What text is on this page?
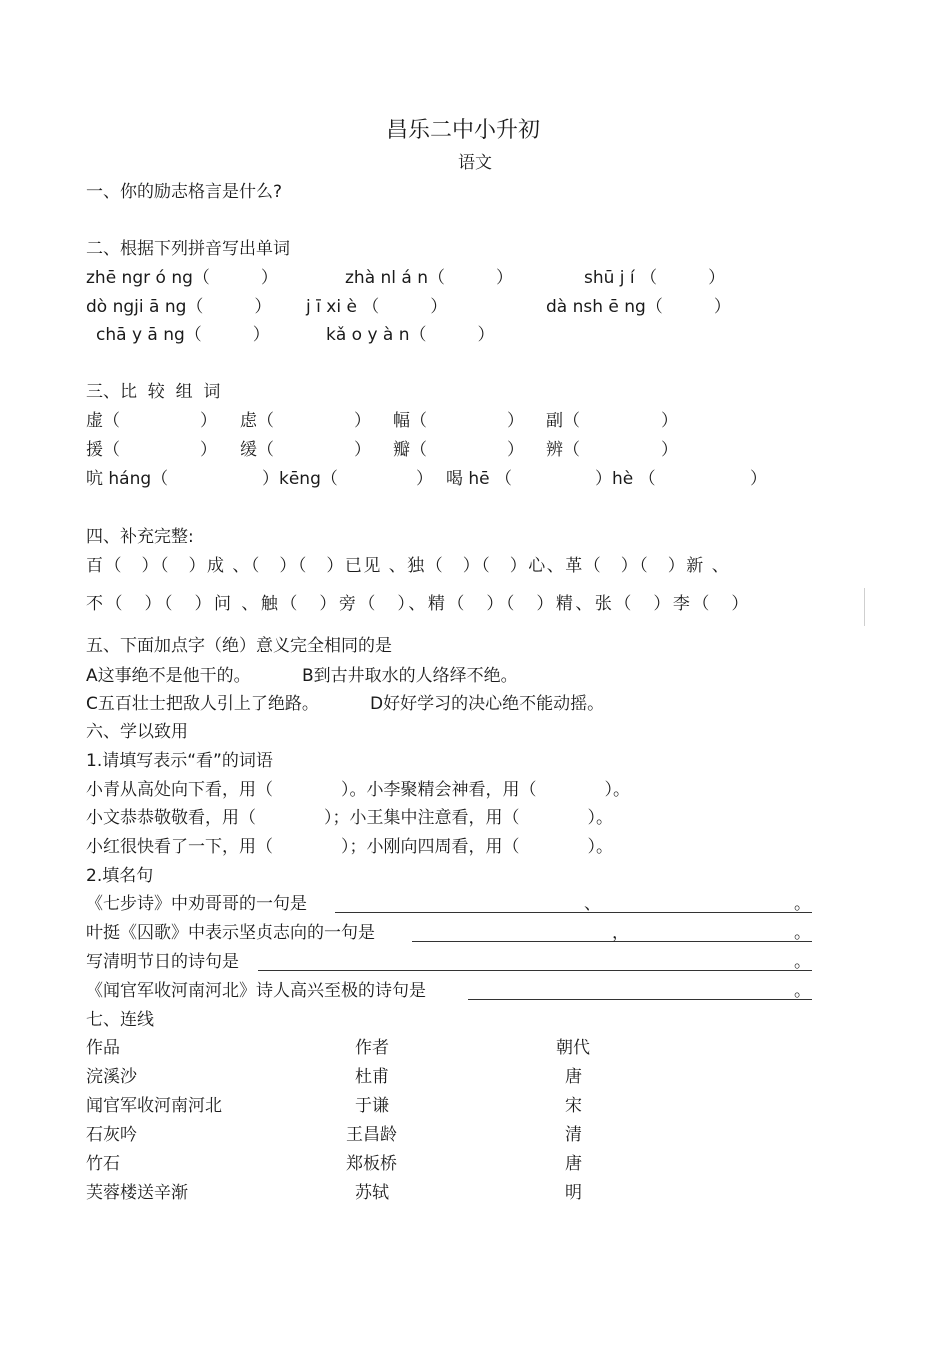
昌乐二中小升初
语文
一、你的励志格言是什么?
二、根据下列拼音写出单词
zhē ngr ó ng（　　　）	zhà nl á n（　　　）	shū j í （　　　）
dò ngji ā ng（　　　） j ī xi è （　　　）	dà nsh ē ng（　　　）
chā y ā ng（　　　）	kǎ o y à n（　　　）
三、比  较  组  词
虚（	） 虑（	） 幅（	） 副（	）
援（	） 缓（	） 瓣（	） 辨（	）
吭 háng（	）kēng（	） 喝 hē （	）hè （	）
四、补充完整:
百（　）（　）成 、（　）（　）已见 、独（　）（　）心、革（　）（　）新 、
不（　）（　）问 、触（　）旁（　）、精（　）（　）精、张（　）李（　）
五、下面加点字（绝）意义完全相同的是
A这事绝不是他干的。	B到古井取水的人络绎不绝。
C五百壮士把敌人引上了绝路。	D好好学习的决心绝不能动摇。
六、学以致用
1.请填写表示“看”的词语
小青从高处向下看，用（　　　　）。小李聚精会神看，用（　　　　）。
小文恭恭敬敬看，用（　　　　）；小王集中注意看，用（　　　　）。
小红很快看了一下，用（　　　　）；小刚向四周看，用（　　　　）。
2.填名句
《七步诗》中劝哥哥的一句是	、	。
叶挺《囚歌》中表示坚贞志向的一句是	，	。
写清明节日的诗句是	。
《闻官军收河南河北》诗人高兴至极的诗句是	。
七、连线
作品	作者	朝代
浣溪沙	杜甫	唐
闻官军收河南河北	于谦	宋
石灰吟	王昌龄	清
竹石	郑板桥	唐
芙蓉楼送辛渐	苏轼	明
